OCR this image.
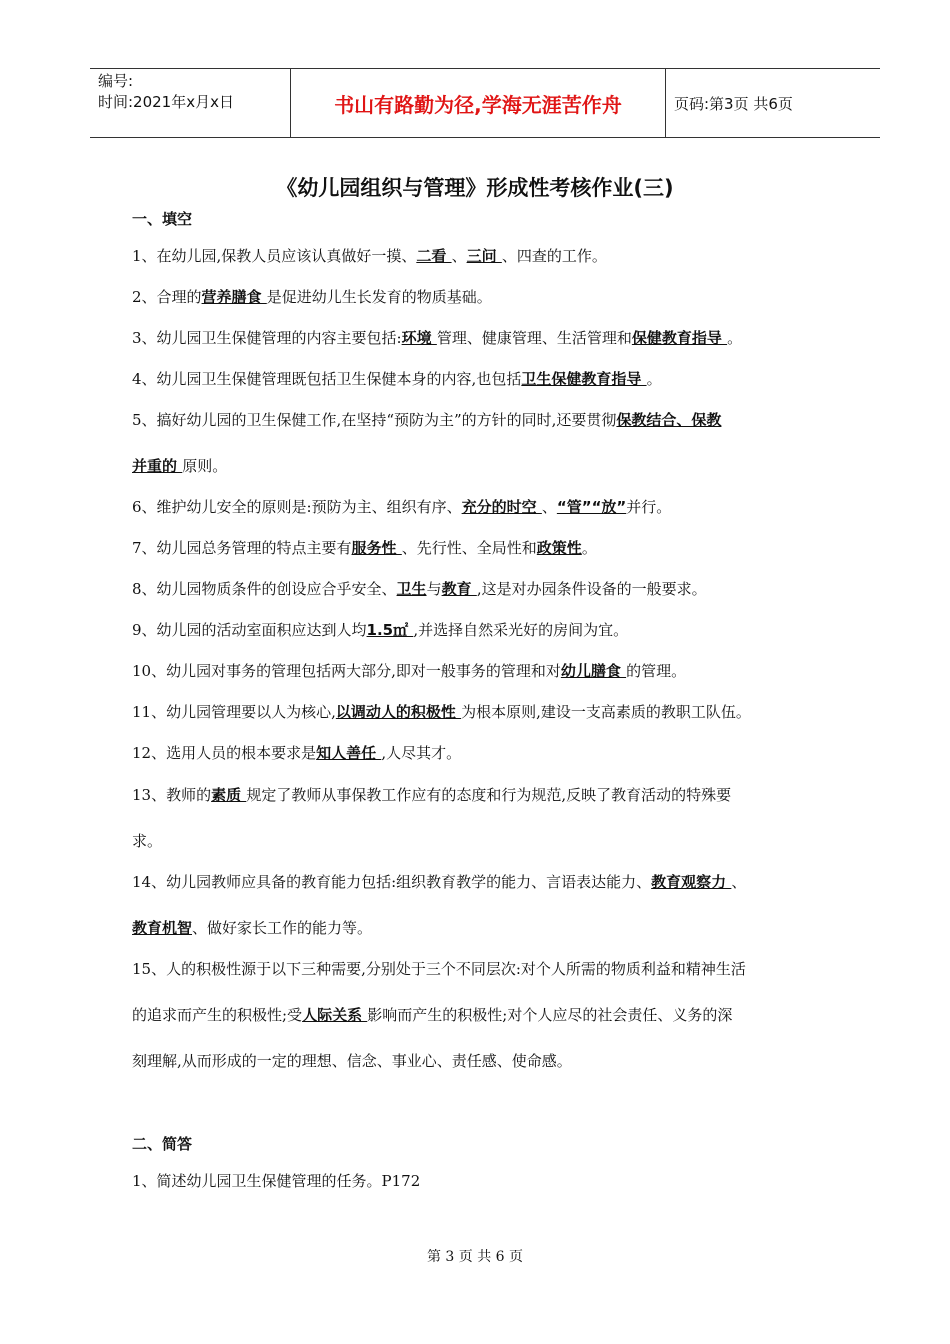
编号:
时间:2021年x月x日	书山有路勤为径,学海无涯苦作舟	页码:第3页 共6页
《幼儿园组织与管理》形成性考核作业(三)
一、填空
1、在幼儿园,保教人员应该认真做好一摸、二看 、三问 、四查的工作。
2、合理的营养膳食 是促进幼儿生长发育的物质基础。
3、幼儿园卫生保健管理的内容主要包括:环境 管理、健康管理、生活管理和保健教育指导 。
4、幼儿园卫生保健管理既包括卫生保健本身的内容,也包括卫生保健教育指导 。
5、搞好幼儿园的卫生保健工作,在坚持“预防为主”的方针的同时,还要贯彻保教结合、保教
并重的 原则。
6、维护幼儿安全的原则是:预防为主、组织有序、充分的时空 、“管”“放”并行。
7、幼儿园总务管理的特点主要有服务性 、先行性、全局性和政策性。
8、幼儿园物质条件的创设应合乎安全、卫生与教育 ,这是对办园条件设备的一般要求。
9、幼儿园的活动室面积应达到人均1.5㎡ ,并选择自然采光好的房间为宜。
10、幼儿园对事务的管理包括两大部分,即对一般事务的管理和对幼儿膳食 的管理。
11、幼儿园管理要以人为核心,以调动人的积极性 为根本原则,建设一支高素质的教职工队伍。
12、选用人员的根本要求是知人善任 ,人尽其才。
13、教师的素质 规定了教师从事保教工作应有的态度和行为规范,反映了教育活动的特殊要
求。
14、幼儿园教师应具备的教育能力包括:组织教育教学的能力、言语表达能力、教育观察力 、
教育机智、做好家长工作的能力等。
15、人的积极性源于以下三种需要,分别处于三个不同层次:对个人所需的物质利益和精神生活
的追求而产生的积极性;受人际关系 影响而产生的积极性;对个人应尽的社会责任、义务的深
刻理解,从而形成的一定的理想、信念、事业心、责任感、使命感。
二、简答
1、简述幼儿园卫生保健管理的任务。P172
第 3 页 共 6 页
